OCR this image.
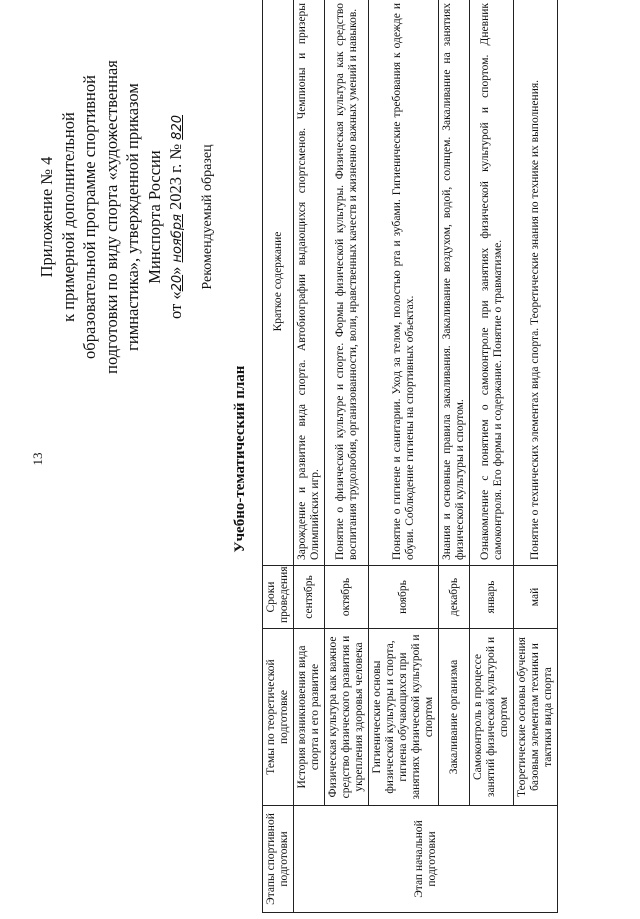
13
Приложение № 4 к примерной дополнительной образовательной программе спортивной подготовки по виду спорта «художественная гимнастика», утвержденной приказом Минспорта России
от «20» ноября 2023 г. № 820
Рекомендуемый образец
Учебно-тематический план
Этапы спортивной подготовки	Темы по теоретической подготовке	Сроки проведения	Краткое содержание
Этап начальной подготовки	История возникновения вида спорта и его развитие	сентябрь	Зарождение и развитие вида спорта. Автобиографии выдающихся спортсменов. Чемпионы и призеры Олимпийских игр.
	Физическая культура как важное средство физического развития и укрепления здоровья человека	октябрь	Понятие о физической культуре и спорте. Формы физической культуры. Физическая культура как средство воспитания трудолюбия, организованности, воли, нравственных качеств и жизненно важных умений и навыков.
	Гигиенические основы физической культуры и спорта, гигиена обучающихся при занятиях физической культурой и спортом	ноябрь	Понятие о гигиене и санитарии. Уход за телом, полостью рта и зубами. Гигиенические требования к одежде и обуви. Соблюдение гигиены на спортивных объектах.
	Закаливание организма	декабрь	Знания и основные правила закаливания. Закаливание воздухом, водой, солнцем. Закаливание на занятиях физической культуры и спортом.
	Самоконтроль в процессе занятий физической культурой и спортом	январь	Ознакомление с понятием о самоконтроле при занятиях физической культурой и спортом. Дневник самоконтроля. Его формы и содержание. Понятие о травматизме.
	Теоретические основы обучения базовым элементам техники и тактики вида спорта	май	Понятие о технических элементах вида спорта. Теоретические знания по технике их выполнения.
